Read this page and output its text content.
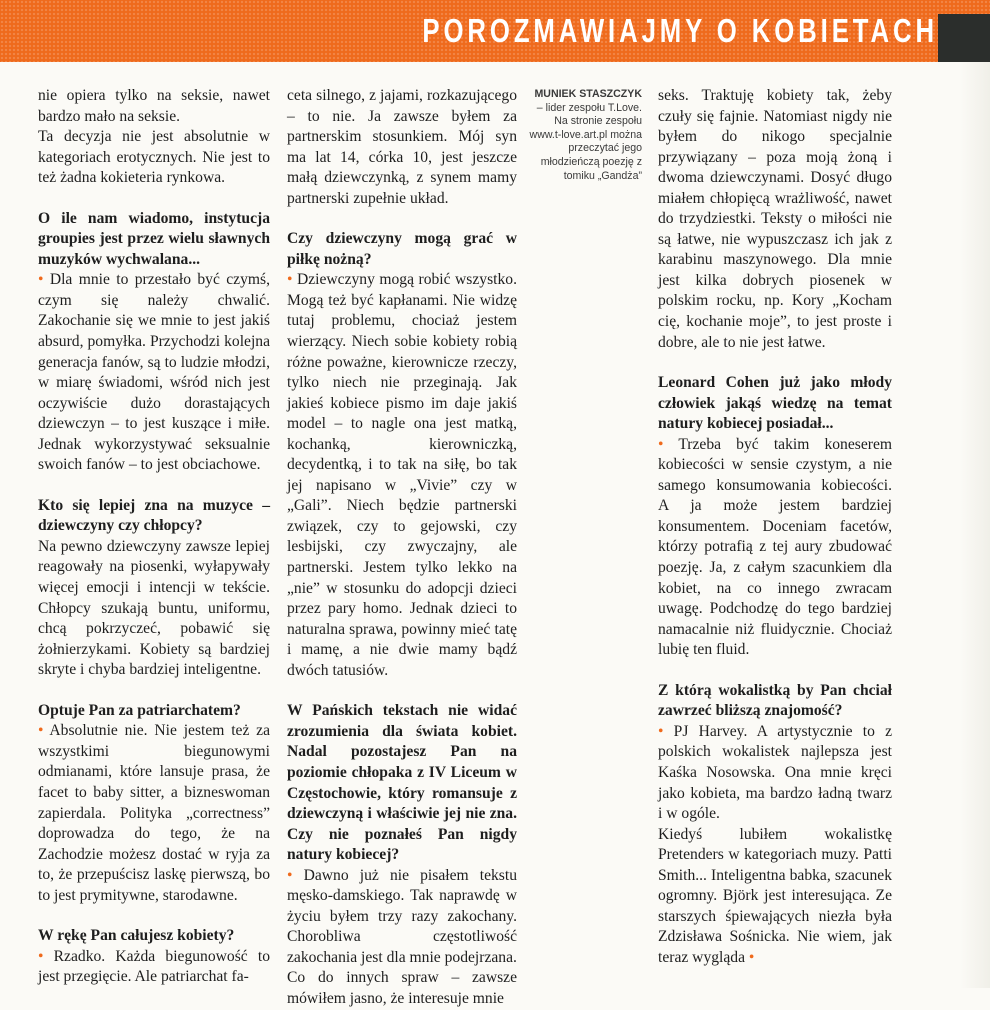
POROZMAWIAJMY O KOBIETACH

nie opiera tylko na seksie, nawet bardzo mało na seksie.

Ta decyzja nie jest absolutnie w kategoriach erotycznych. Nie jest to też żadna kokieteria rynkowa.

O ile nam wiadomo, instytucja groupies jest przez wielu sławnych muzyków wychwalana...

• Dla mnie to przestało być czymś, czym się należy chwalić. Zakochanie się we mnie to jest jakiś absurd, pomyłka. Przychodzi kolejna generacja fanów, są to ludzie młodzi, w miarę świadomi, wśród nich jest oczywiście dużo dorastających dziewczyn – to jest kuszące i miłe. Jednak wykorzystywać seksualnie swoich fanów – to jest obciachowe.

Kto się lepiej zna na muzyce – dziewczyny czy chłopcy?

Na pewno dziewczyny zawsze lepiej reagowały na piosenki, wyłapywały więcej emocji i intencji w tekście. Chłopcy szukają buntu, uniformu, chcą pokrzyczeć, pobawić się żołnierzykami. Kobiety są bardziej skryte i chyba bardziej inteligentne.

Optuje Pan za patriarchatem?

• Absolutnie nie. Nie jestem też za wszystkimi biegunowymi odmianami, które lansuje prasa, że facet to baby sitter, a bizneswoman zapierdala. Polityka „correctness” doprowadza do tego, że na Zachodzie możesz dostać w ryja za to, że przepuścisz laskę pierwszą, bo to jest prymitywne, starodawne.

W rękę Pan całujesz kobiety?

• Rzadko. Każda biegunowość to jest przegięcie. Ale patriarchat fa-

ceta silnego, z jajami, rozkazującego – to nie. Ja zawsze byłem za partnerskim stosunkiem. Mój syn ma lat 14, córka 10, jest jeszcze małą dziewczynką, z synem mamy partnerski zupełnie układ.

Czy dziewczyny mogą grać w piłkę nożną?

• Dziewczyny mogą robić wszystko. Mogą też być kapłanami. Nie widzę tutaj problemu, chociaż jestem wierzący. Niech sobie kobiety robią różne poważne, kierownicze rzeczy, tylko niech nie przeginają. Jak jakieś kobiece pismo im daje jakiś model – to nagle ona jest matką, kochanką, kierowniczką, decydentką, i to tak na siłę, bo tak jej napisano w „Vivie” czy w „Gali”. Niech będzie partnerski związek, czy to gejowski, czy lesbijski, czy zwyczajny, ale partnerski. Jestem tylko lekko na „nie” w stosunku do adopcji dzieci przez pary homo. Jednak dzieci to naturalna sprawa, powinny mieć tatę i mamę, a nie dwie mamy bądź dwóch tatusiów.

W Pańskich tekstach nie widać zrozumienia dla świata kobiet. Nadal pozostajesz Pan na poziomie chłopaka z IV Liceum w Częstochowie, który romansuje z dziewczyną i właściwie jej nie zna. Czy nie poznałeś Pan nigdy natury kobiecej?

• Dawno już nie pisałem tekstu męsko-damskiego. Tak naprawdę w życiu byłem trzy razy zakochany. Chorobliwa częstotliwość zakochania jest dla mnie podejrzana.

Co do innych spraw – zawsze mówiłem jasno, że interesuje mnie

MUNIEK STASZCZYK
– lider zespołu T.Love.
Na stronie zespołu www.t-love.art.pl można przeczytać jego młodzieńczą poezję z tomiku „Gandża”

seks. Traktuję kobiety tak, żeby czuły się fajnie. Natomiast nigdy nie byłem do nikogo specjalnie przywiązany – poza moją żoną i dwoma dziewczynami. Dosyć długo miałem chłopięcą wrażliwość, nawet do trzydziestki. Teksty o miłości nie są łatwe, nie wypuszczasz ich jak z karabinu maszynowego. Dla mnie jest kilka dobrych piosenek w polskim rocku, np. Kory „Kocham cię, kochanie moje”, to jest proste i dobre, ale to nie jest łatwe.

Leonard Cohen już jako młody człowiek jakąś wiedzę na temat natury kobiecej posiadał...

• Trzeba być takim koneserem kobiecości w sensie czystym, a nie samego konsumowania kobiecości. A ja może jestem bardziej konsumentem. Doceniam facetów, którzy potrafią z tej aury zbudować poezję. Ja, z całym szacunkiem dla kobiet, na co innego zwracam uwagę. Podchodzę do tego bardziej namacalnie niż fluidycznie. Chociaż lubię ten fluid.

Z którą wokalistką by Pan chciał zawrzeć bliższą znajomość?

• PJ Harvey. A artystycznie to z polskich wokalistek najlepsza jest Kaśka Nosowska. Ona mnie kręci jako kobieta, ma bardzo ładną twarz i w ogóle.

Kiedyś lubiłem wokalistkę Pretenders w kategoriach muzy. Patti Smith... Inteligentna babka, szacunek ogromny. Björk jest interesująca. Ze starszych śpiewających niezła była Zdzisława Sośnicka. Nie wiem, jak teraz wygląda •
